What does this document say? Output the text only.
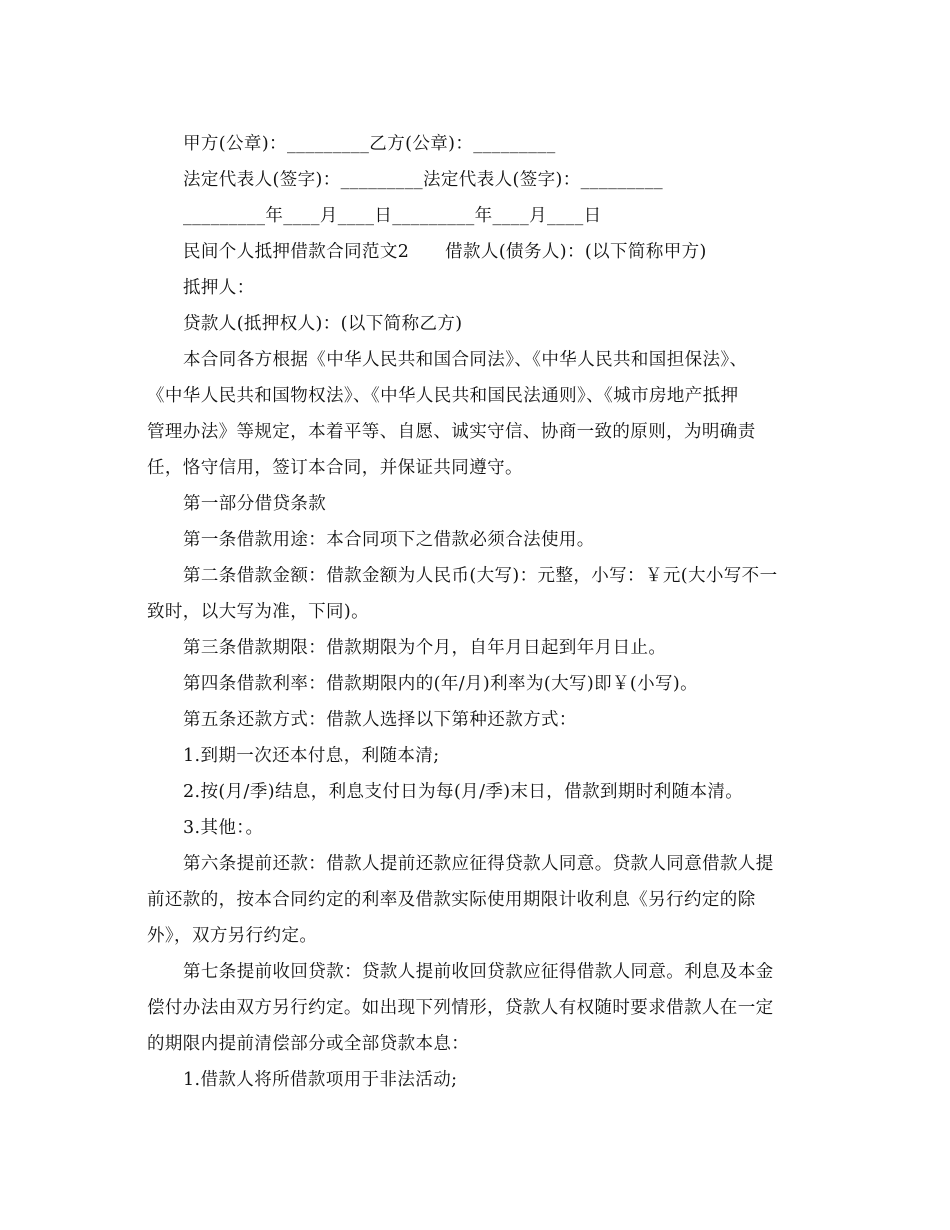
甲方(公章)：_________乙方(公章)：_________
法定代表人(签字)：_________法定代表人(签字)：_________
_________年____月____日_________年____月____日
民间个人抵押借款合同范文2　　借款人(债务人)：(以下简称甲方)
抵押人：
贷款人(抵押权人)：(以下简称乙方)
本合同各方根据《中华人民共和国合同法》、《中华人民共和国担保法》、
《中华人民共和国物权法》、《中华人民共和国民法通则》、《城市房地产抵押
管理办法》等规定，本着平等、自愿、诚实守信、协商一致的原则，为明确责
任，恪守信用，签订本合同，并保证共同遵守。
第一部分借贷条款
第一条借款用途：本合同项下之借款必须合法使用。
第二条借款金额：借款金额为人民币(大写)：元整，小写：￥元(大小写不一
致时，以大写为准，下同)。
第三条借款期限：借款期限为个月，自年月日起到年月日止。
第四条借款利率：借款期限内的(年/月)利率为(大写)即￥(小写)。
第五条还款方式：借款人选择以下第种还款方式：
1.到期一次还本付息，利随本清;
2.按(月/季)结息，利息支付日为每(月/季)末日，借款到期时利随本清。
3.其他：。
第六条提前还款：借款人提前还款应征得贷款人同意。贷款人同意借款人提
前还款的，按本合同约定的利率及借款实际使用期限计收利息《另行约定的除
外》，双方另行约定。
第七条提前收回贷款：贷款人提前收回贷款应征得借款人同意。利息及本金
偿付办法由双方另行约定。如出现下列情形，贷款人有权随时要求借款人在一定
的期限内提前清偿部分或全部贷款本息：
1.借款人将所借款项用于非法活动;
